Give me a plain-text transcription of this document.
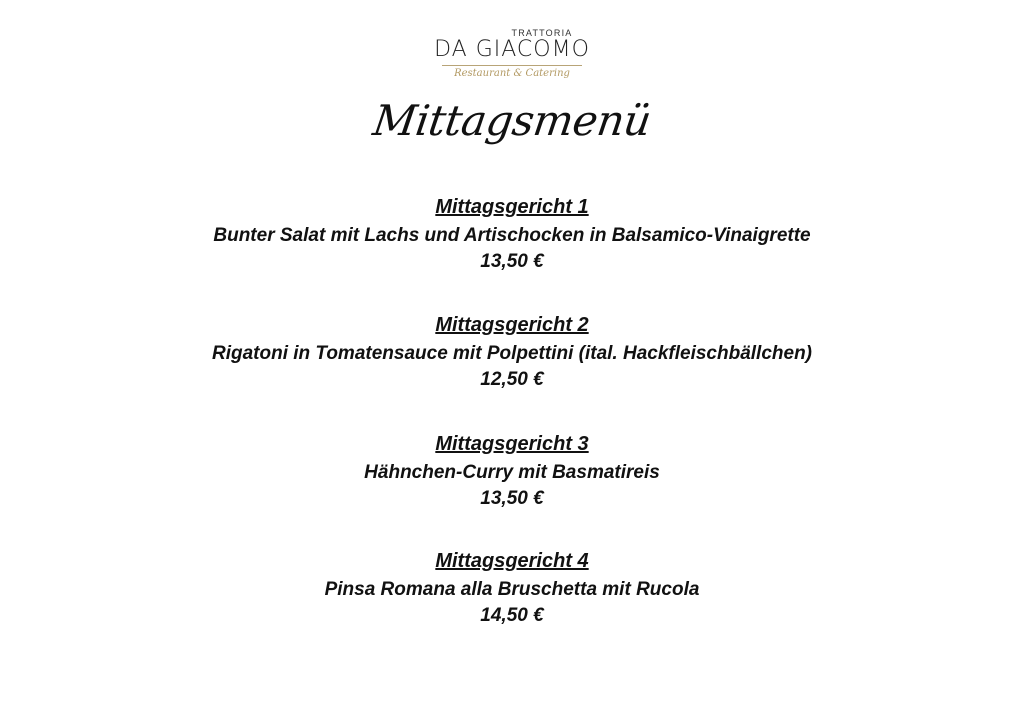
TRATTORIA
DA GIACOMO
Restaurant & Catering
Mittagsmenü
Mittagsgericht 1
Bunter Salat mit Lachs und Artischocken in Balsamico-Vinaigrette
13,50 €
Mittagsgericht 2
Rigatoni in Tomatensauce mit Polpettini (ital. Hackfleischbällchen)
12,50 €
Mittagsgericht 3
Hähnchen-Curry mit Basmatireis
13,50 €
Mittagsgericht 4
Pinsa Romana alla Bruschetta mit Rucola
14,50 €
